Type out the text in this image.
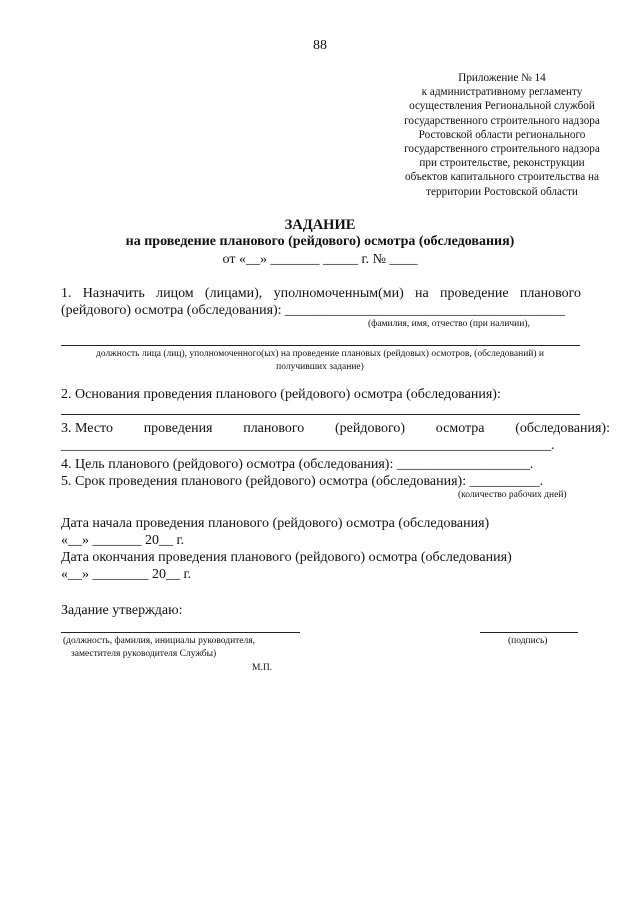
88
Приложение № 14
к административному регламенту
осуществления Региональной службой
государственного строительного надзора
Ростовской области регионального
государственного строительного надзора
при строительстве, реконструкции
объектов капитального строительства на
территории Ростовской области
ЗАДАНИЕ
на проведение планового (рейдового) осмотра (обследования)
от «__» _______ _____ г. № ____
1. Назначить лицом (лицами), уполномоченным(ми) на проведение планового
(рейдового) осмотра (обследования): ________________________________________
(фамилия, имя, отчество (при наличии),
должность лица (лиц), уполномоченного(ых) на проведение плановых (рейдовых) осмотров, (обследований) и
получивших задание)
2. Основания проведения планового (рейдового) осмотра (обследования):
3. Место проведения планового (рейдового) осмотра (обследования):
______________________________________________________________________.
4. Цель планового (рейдового) осмотра (обследования): ___________________.
5. Срок проведения планового (рейдового) осмотра (обследования): __________.
(количество рабочих дней)
Дата начала проведения планового (рейдового) осмотра (обследования)
«__» _______ 20__ г.
Дата окончания проведения планового (рейдового) осмотра (обследования)
«__» ________ 20__ г.
Задание утверждаю:
(должность, фамилия, инициалы руководителя,
заместителя руководителя Службы)
(подпись)
М.П.
